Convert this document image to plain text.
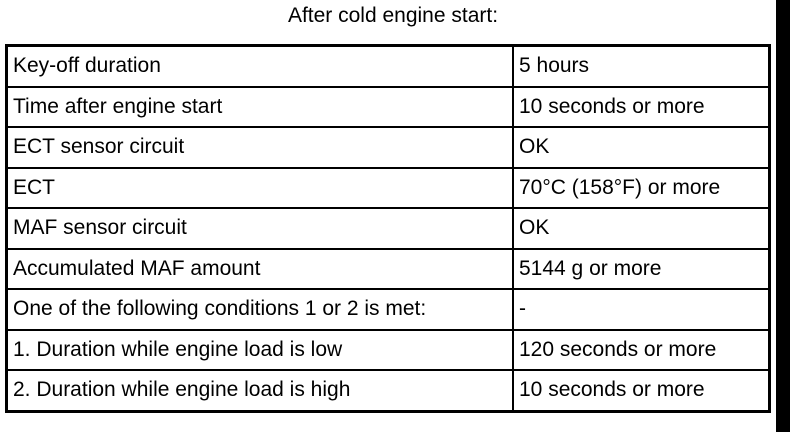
After cold engine start:
Key-off duration	5 hours
Time after engine start	10 seconds or more
ECT sensor circuit	OK
ECT	70°C (158°F) or more
MAF sensor circuit	OK
Accumulated MAF amount	5144 g or more
One of the following conditions 1 or 2 is met:	-
1. Duration while engine load is low	120 seconds or more
2. Duration while engine load is high	10 seconds or more
